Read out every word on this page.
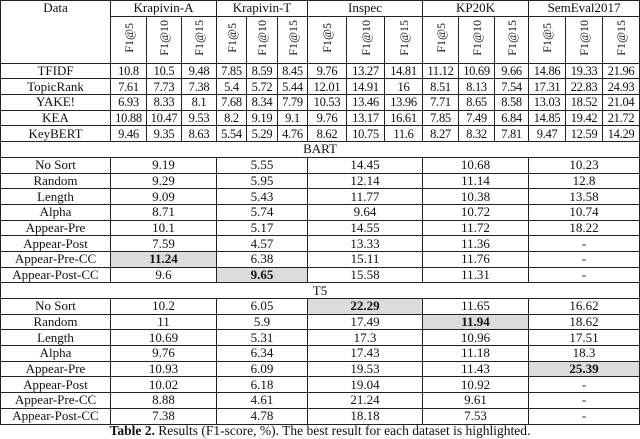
Data	Krapivin-A			Krapivin-T			Inspec			KP20K			SemEval2017		
	F1@5	F1@10	F1@15	F1@5	F1@10	F1@15	F1@5	F1@10	F1@15	F1@5	F1@10	F1@15	F1@5	F1@10	F1@15
TFIDF	10.8	10.5	9.48	7.85	8.59	8.45	9.76	13.27	14.81	11.12	10.69	9.66	14.86	19.33	21.96
TopicRank	7.61	7.73	7.38	5.4	5.72	5.44	12.01	14.91	16	8.51	8.13	7.54	17.31	22.83	24.93
YAKE!	6.93	8.33	8.1	7.68	8.34	7.79	10.53	13.46	13.96	7.71	8.65	8.58	13.03	18.52	21.04
KEA	10.88	10.47	9.53	8.2	9.19	9.1	9.76	13.17	16.61	7.85	7.49	6.84	14.85	19.42	21.72
KeyBERT	9.46	9.35	8.63	5.54	5.29	4.76	8.62	10.75	11.6	8.27	8.32	7.81	9.47	12.59	14.29
BART															
No Sort	9.19			5.55			14.45			10.68			10.23		
Random	9.29			5.95			12.14			11.14			12.8		
Length	9.09			5.43			11.77			10.38			13.58		
Alpha	8.71			5.74			9.64			10.72			10.74		
Appear-Pre	10.1			5.17			14.55			11.72			18.22		
Appear-Post	7.59			4.57			13.33			11.36			-		
Appear-Pre-CC	11.24			6.38			15.11			11.76			-		
Appear-Post-CC	9.6			9.65			15.58			11.31			-		
T5															
No Sort	10.2			6.05			22.29			11.65			16.62		
Random	11			5.9			17.49			11.94			18.62		
Length	10.69			5.31			17.3			10.96			17.51		
Alpha	9.76			6.34			17.43			11.18			18.3		
Appear-Pre	10.93			6.09			19.53			11.43			25.39		
Appear-Post	10.02			6.18			19.04			10.92			-		
Appear-Pre-CC	8.88			4.61			21.24			9.61			-		
Appear-Post-CC	7.38			4.78			18.18			7.53			-		
Table 2. Results (F1-score, %). The best result for each dataset is highlighted.
